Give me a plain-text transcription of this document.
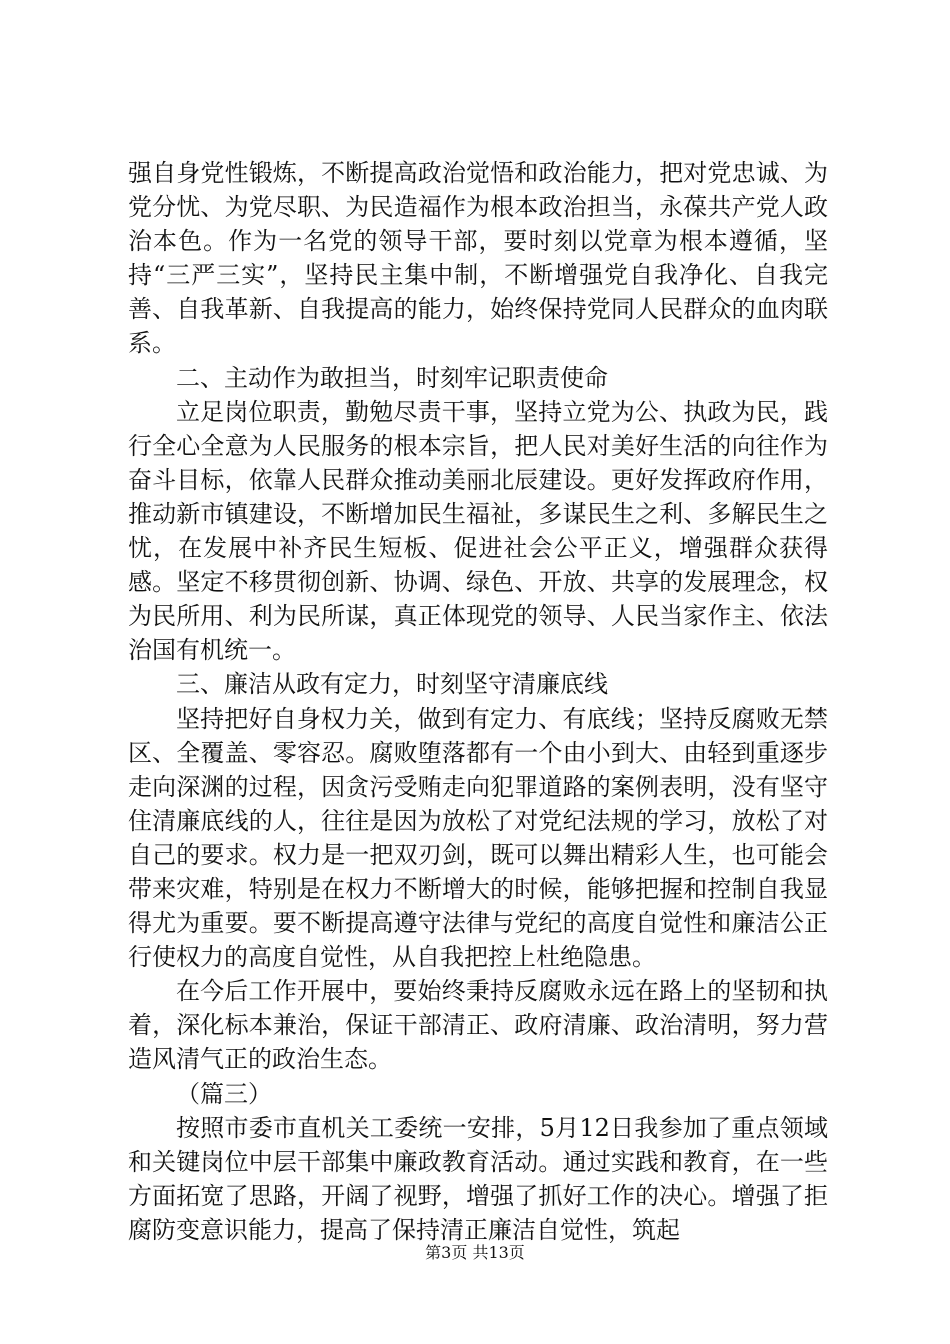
强自身党性锻炼，不断提高政治觉悟和政治能力，把对党忠诚、为党分忧、为党尽职、为民造福作为根本政治担当，永葆共产党人政治本色。作为一名党的领导干部，要时刻以党章为根本遵循，坚持“三严三实”，坚持民主集中制，不断增强党自我净化、自我完善、自我革新、自我提高的能力，始终保持党同人民群众的血肉联系。

二、主动作为敢担当，时刻牢记职责使命

立足岗位职责，勤勉尽责干事，坚持立党为公、执政为民，践行全心全意为人民服务的根本宗旨，把人民对美好生活的向往作为奋斗目标，依靠人民群众推动美丽北辰建设。更好发挥政府作用，推动新市镇建设，不断增加民生福祉，多谋民生之利、多解民生之忧，在发展中补齐民生短板、促进社会公平正义，增强群众获得感。坚定不移贯彻创新、协调、绿色、开放、共享的发展理念，权为民所用、利为民所谋，真正体现党的领导、人民当家作主、依法治国有机统一。

三、廉洁从政有定力，时刻坚守清廉底线

坚持把好自身权力关，做到有定力、有底线；坚持反腐败无禁区、全覆盖、零容忍。腐败堕落都有一个由小到大、由轻到重逐步走向深渊的过程，因贪污受贿走向犯罪道路的案例表明，没有坚守住清廉底线的人，往往是因为放松了对党纪法规的学习，放松了对自己的要求。权力是一把双刃剑，既可以舞出精彩人生，也可能会带来灾难，特别是在权力不断增大的时候，能够把握和控制自我显得尤为重要。要不断提高遵守法律与党纪的高度自觉性和廉洁公正行使权力的高度自觉性，从自我把控上杜绝隐患。

在今后工作开展中，要始终秉持反腐败永远在路上的坚韧和执着，深化标本兼治，保证干部清正、政府清廉、政治清明，努力营造风清气正的政治生态。

（篇三）

按照市委市直机关工委统一安排，5月12日我参加了重点领域和关键岗位中层干部集中廉政教育活动。通过实践和教育，在一些方面拓宽了思路，开阔了视野，增强了抓好工作的决心。增强了拒腐防变意识能力，提高了保持清正廉洁自觉性，筑起

第3页 共13页
